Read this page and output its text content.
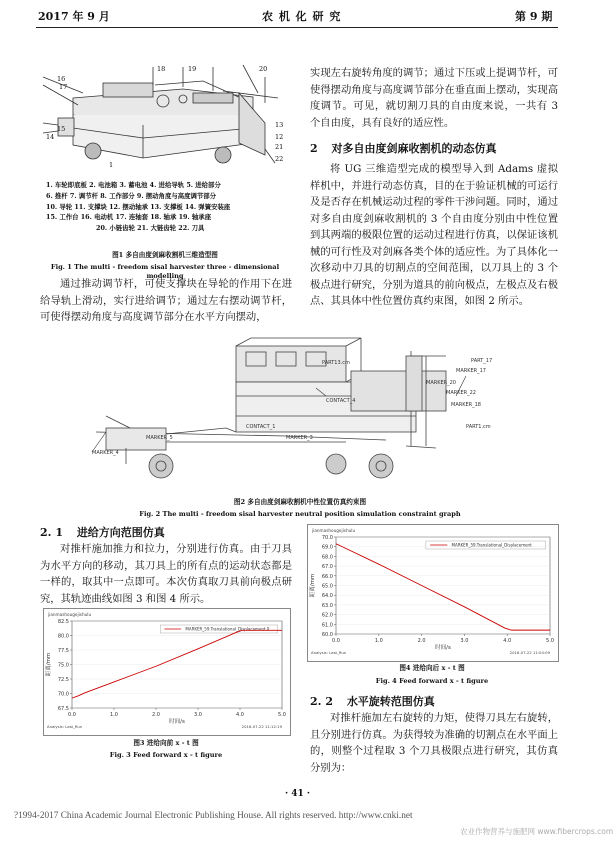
2017 年 9 月	农 机 化 研 究	第 9 期
16
17
18	19	20
15
14
13
12
21
22
1
1. 车轮即底板 2. 电池箱 3. 蓄电池 4. 进给导轨 5. 进给部分
6. 推杆 7. 调节杆 8. 工作部分 9. 摆动角度与高度调节部分
10. 导轮 11. 支撑块 12. 摆动轴承 13. 支撑板 14. 弹簧安装座
15. 工作台 16. 电动机 17. 连轴套 18. 轴承 19. 轴承座
20. 小链齿轮 21. 大链齿轮 22. 刀具
图1 多自由度剑麻收割机三维造型图
Fig. 1 The multi - freedom sisal harvester three - dimensional modelling
通过推动调节杆，可使支撑块在导轮的作用下在进给导轨上滑动，实行进给调节；通过左右摆动调节杆，可使得摆动角度与高度调节部分在水平方向摆动，
实现左右旋转角度的调节；通过下压或上提调节杆，可使得摆动角度与高度调节部分在垂直面上摆动，实现高度调节。可见，就切割刀具的自由度来说，一共有 3 个自由度，具有良好的适应性。
2 对多自由度剑麻收割机的动态仿真
将 UG 三维造型完成的模型导入到 Adams 虚拟样机中，并进行动态仿真，目的在于验证机械的可运行及是否存在机械运动过程的零件干涉问题。同时，通过对多自由度剑麻收割机的 3 个自由度分别由中性位置到其两端的极限位置的运动过程进行仿真，以保证该机械的可行性及对剑麻各类个体的适应性。为了具体化一次移动中刀具的切割点的空间范围，以刀具上的 3 个极点进行研究，分别为道具的前向极点，左极点及右极点、其具体中性位置仿真约束图，如图 2 所示。
PART13.cm
MARKER_5
MARKER_4
MARKER_3
CONTACT_4
CONTACT_1	PART1.cm
MARKER_17
MARKER_22
MARKER_18
MARKER_20
PART_17
图2 多自由度剑麻收割机中性位置仿真约束图
Fig. 2 The multi - freedom sisal harvester neutral position simulation constraint graph
2. 1 进给方向范围仿真
对推杆施加推力和拉力，分别进行仿真。由于刀具为水平方向的移动，其刀具上的所有点的运动状态都是一样的，取其中一点即可。本次仿真取刀具前向极点研究，其轨迹曲线如图 3 和图 4 所示。
jianmashougejishulu
MARKER_59.Translational_Displacement.X
82.5
80.0
77.5
75.0
72.5
70.0
67.5
0.0	1.0	2.0	3.0	4.0	5.0
时间/s
距离/mm
Analysis: Last_Run	2016-07-22 11:12:19
图3 进给向前 x - t 图
Fig. 3 Feed forward x - t figure
jianmashougejishulu
MARKER_59.Translational_Displacement
70.0
69.0
68.0
67.0
66.0
65.0
64.0
63.0
62.0
61.0
60.0
0.0	1.0	2.0	3.0	4.0	5.0
时间/s
距离/mm
Analysis: Last_Run	2016-07-22 11:04:09
图4 进给向后 x - t 图
Fig. 4 Feed forward x - t figure
2. 2 水平旋转范围仿真
对推杆施加左右旋转的力矩，使得刀具左右旋转，且分别进行仿真。为获得较为准确的切割点在水平面上的，则整个过程取 3 个刀具极限点进行研究，其仿真分别为：
· 41 ·
?1994-2017 China Academic Journal Electronic Publishing House. All rights reserved. http://www.cnki.net
农业作物营养与施肥网 www.fibercrops.com
